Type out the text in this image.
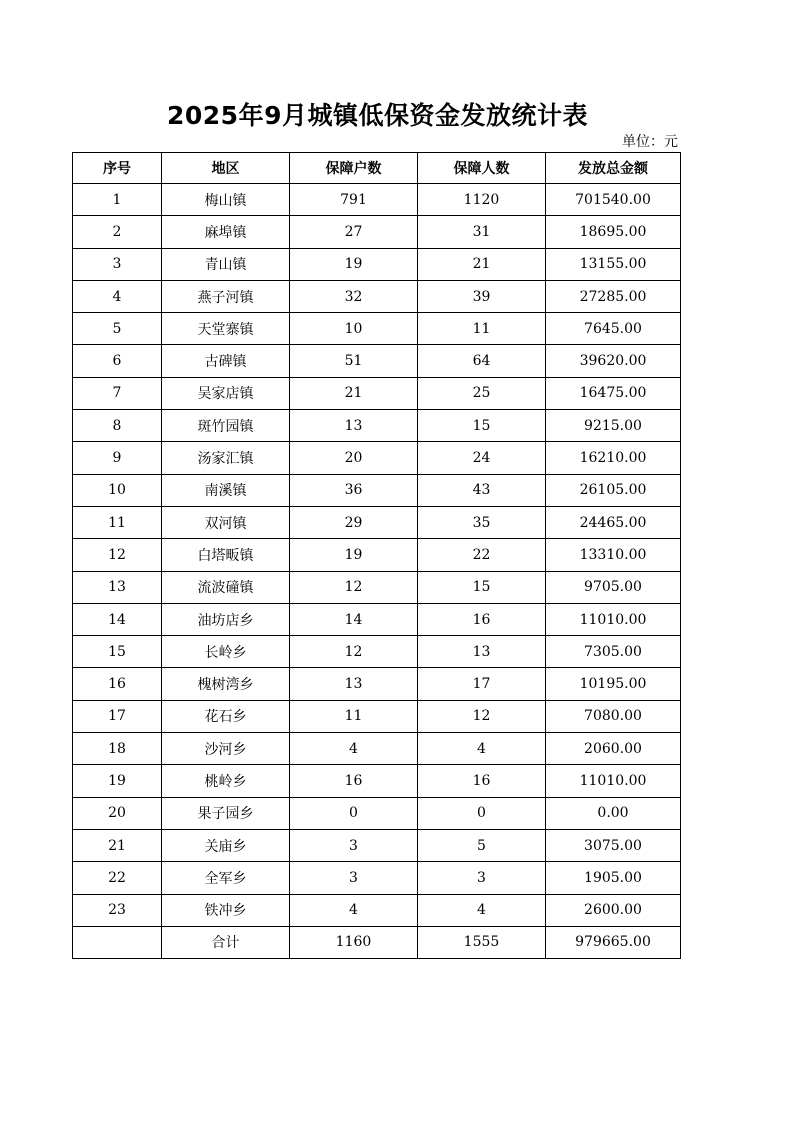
2025年9月城镇低保资金发放统计表
单位：元
序号	地区	保障户数	保障人数	发放总金额
1	梅山镇	791	1120	701540.00
2	麻埠镇	27	31	18695.00
3	青山镇	19	21	13155.00
4	燕子河镇	32	39	27285.00
5	天堂寨镇	10	11	7645.00
6	古碑镇	51	64	39620.00
7	吴家店镇	21	25	16475.00
8	斑竹园镇	13	15	9215.00
9	汤家汇镇	20	24	16210.00
10	南溪镇	36	43	26105.00
11	双河镇	29	35	24465.00
12	白塔畈镇	19	22	13310.00
13	流波䃥镇	12	15	9705.00
14	油坊店乡	14	16	11010.00
15	长岭乡	12	13	7305.00
16	槐树湾乡	13	17	10195.00
17	花石乡	11	12	7080.00
18	沙河乡	4	4	2060.00
19	桃岭乡	16	16	11010.00
20	果子园乡	0	0	0.00
21	关庙乡	3	5	3075.00
22	全军乡	3	3	1905.00
23	铁冲乡	4	4	2600.00
	合计	1160	1555	979665.00
